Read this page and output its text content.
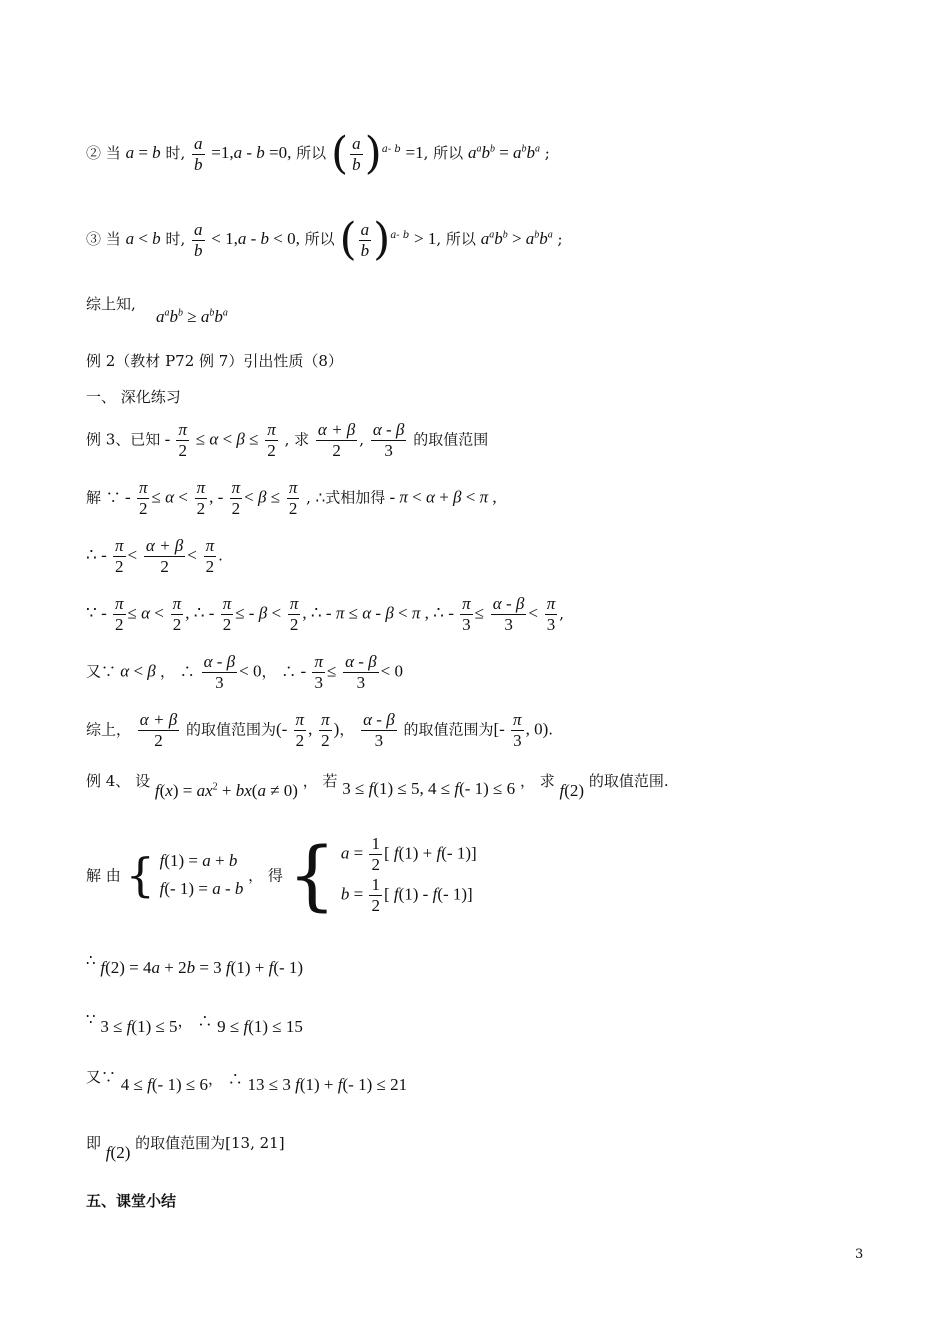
② 当 a = b 时, $\frac{a}{b} =1,a - b =0$, 所以 ( $\frac{a}{b} )^{a- b} =1$, 所以 $a^ab^b = a^bb^a$ ;
③ 当 a < b 时, $\frac{a}{b} < 1,a - b < 0$, 所以 ( $\frac{a}{b} )^{a- b} > 1$, 所以 $a^ab^b > a^bb^a$ ;
综上知,
$a^ab^b \ge a^bb^a$
例 2（教材 P72 例 7）引出性质（8）
一、 深化练习
例 3、已知 - $\frac{\pi}{2} \le \alpha < \beta \le \frac{\pi}{2}$ , 求 $\frac{\alpha + \beta}{2}$ , $\frac{\alpha - \beta}{3}$ 的取值范围
解 ∵ - $\frac{\pi}{2} \le \alpha < \frac{\pi}{2}$ , - $\frac{\pi}{2} < \beta \le \frac{\pi}{2}$ , ∴式相加得 - π < α + β < π ,
∴ - $\frac{\pi}{2} < \frac{\alpha + \beta}{2} < \frac{\pi}{2}$ .
∵ - $\frac{\pi}{2} \le \alpha < \frac{\pi}{2}$ , ∴ - $\frac{\pi}{2}$ ≤ - $\beta < \frac{\pi}{2}$ , ∴ - π ≤ α - β < π , ∴ - $\frac{\pi}{3} \le \frac{\alpha - \beta}{3} < \frac{\pi}{3}$ ,
又∵ α < β ， ∴ $\frac{\alpha - \beta}{3} < 0$， ∴ - $\frac{\pi}{3} \le \frac{\alpha - \beta}{3} < 0$
综上， $\frac{\alpha + \beta}{2}$ 的取值范围为(- $\frac{\pi}{2}$ , $\frac{\pi}{2}$ )， $\frac{\alpha - \beta}{3}$ 的取值范围为[- $\frac{\pi}{3}$ , 0).
例 4、 设 $f(x) = ax^2 + bx(a \ne 0)$ ， 若 3 ≤ f(1) ≤ 5, 4 ≤ f(- 1) ≤ 6 ， 求 f(2) 的取值范围.
解 由 { f(1) = a + b
f(- 1) = a - b
， 得 { $a = \frac{1}{2}$ [ f(1) + f(- 1)]
$b = \frac{1}{2}$ [ f(1) - f(- 1)]
∴ f(2) = 4a + 2b = 3 f(1) + f(- 1)
∵ 3 ≤ f(1) ≤ 5， ∴ 9 ≤ f(1) ≤ 15
又∵ 4 ≤ f(- 1) ≤ 6， ∴ 13 ≤ 3 f(1) + f(- 1) ≤ 21
即 f(2) 的取值范围为[13, 21]
五、课堂小结
3
